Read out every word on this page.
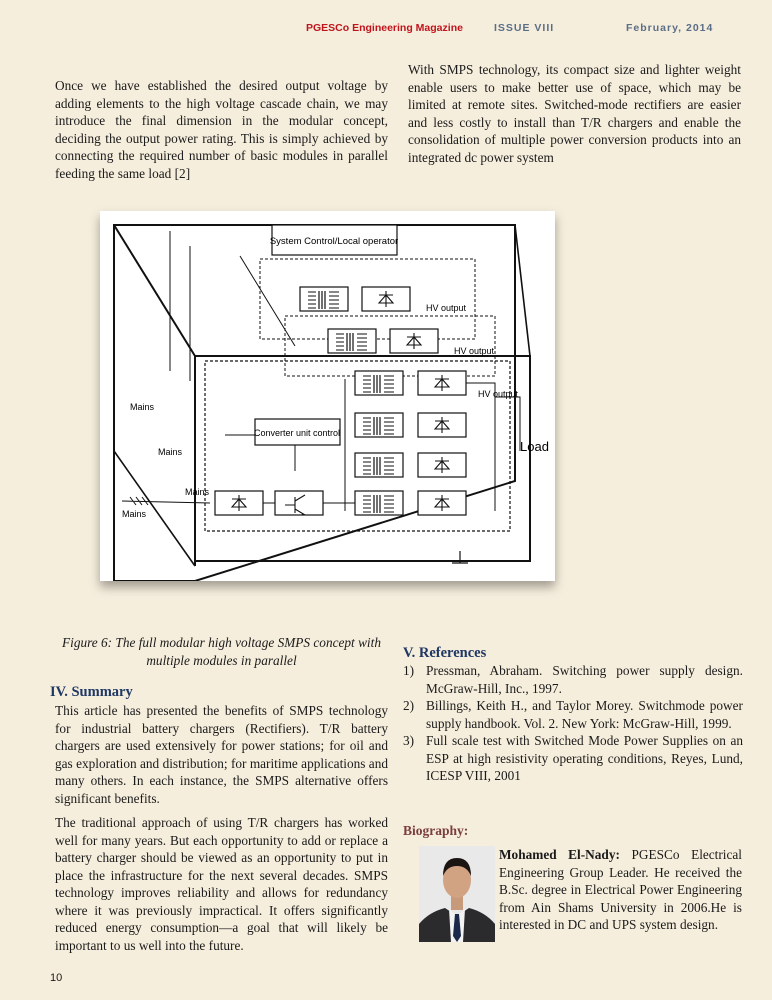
PGESCo Engineering Magazine	ISSUE VIII	February, 2014

Once we have established the desired output voltage by adding elements to the high voltage cascade chain, we may introduce the final dimension in the modular concept, deciding the output power rating. This is simply achieved by connecting the required number of basic modules in parallel feeding the same load [2]

With SMPS technology, its compact size and lighter weight enable users to make better use of space, which may be limited at remote sites. Switched-mode rectifiers are easier and less costly to install than T/R chargers and enable the consolidation of multiple power conversion products into an integrated dc power system

System Control/Local operator
HV output
HV output
HV output
Converter unit control
Mains
Mains
Mains
Mains
Load
Figure 6: The full modular high voltage SMPS concept with multiple modules in parallel
IV. Summary

This article has presented the benefits of SMPS technology for industrial battery chargers (Rectifiers). T/R battery chargers are used extensively for power stations; for oil and gas exploration and distribution; for maritime applications and many others. In each instance, the SMPS alternative offers significant benefits.

The traditional approach of using T/R chargers has worked well for many years. But each opportunity to add or replace a battery charger should be viewed as an opportunity to put in place the infrastructure for the next several decades. SMPS technology improves reliability and allows for redundancy where it was previously impractical. It offers significantly reduced energy consumption—a goal that will likely be important to us well into the future.

V. References
1) Pressman, Abraham. Switching power supply design. McGraw-Hill, Inc., 1997.
2) Billings, Keith H., and Taylor Morey. Switchmode power supply handbook. Vol. 2. New York: McGraw-Hill, 1999.
3) Full scale test with Switched Mode Power Supplies on an ESP at high resistivity operating conditions, Reyes, Lund, ICESP VIII, 2001
Biography:

Mohamed El-Nady: PGESCo Electrical Engineering Group Leader. He received the B.Sc. degree in Electrical Power Engineering from Ain Shams University in 2006.He is interested in DC and UPS system design.

10
